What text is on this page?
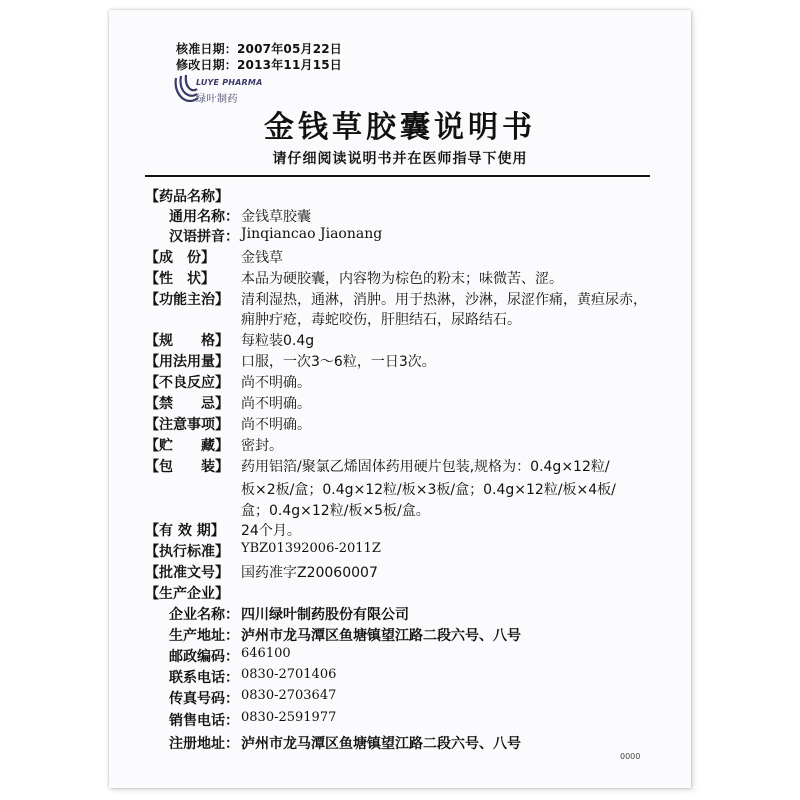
核准日期：2007年05月22日
修改日期：2013年11月15日
LUYE PHARMA
绿叶制药
金钱草胶囊说明书
请仔细阅读说明书并在医师指导下使用
【药品名称】
通用名称： 金钱草胶囊
汉语拼音： Jinqiancao Jiaonang
【成　份】 金钱草
【性　状】 本品为硬胶囊，内容物为棕色的粉末；味微苦、涩。
【功能主治】 清利湿热，通淋，消肿。用于热淋，沙淋，尿涩作痛，黄疸尿赤，
痈肿疔疮，毒蛇咬伤，肝胆结石，尿路结石。
【规　　格】 每粒装0.4g
【用法用量】 口服，一次3～6粒，一日3次。
【不良反应】 尚不明确。
【禁　　忌】 尚不明确。
【注意事项】 尚不明确。
【贮　　藏】 密封。
【包　　装】 药用铝箔/聚氯乙烯固体药用硬片包装,规格为：0.4g×12粒/
板×2板/盒；0.4g×12粒/板×3板/盒；0.4g×12粒/板×4板/
盒；0.4g×12粒/板×5板/盒。
【有 效 期】 24个月。
【执行标准】 YBZ01392006-2011Z
【批准文号】 国药准字Z20060007
【生产企业】
企业名称： 四川绿叶制药股份有限公司
生产地址： 泸州市龙马潭区鱼塘镇望江路二段六号、八号
邮政编码： 646100
联系电话： 0830-2701406
传真号码： 0830-2703647
销售电话： 0830-2591977
注册地址： 泸州市龙马潭区鱼塘镇望江路二段六号、八号
0000
